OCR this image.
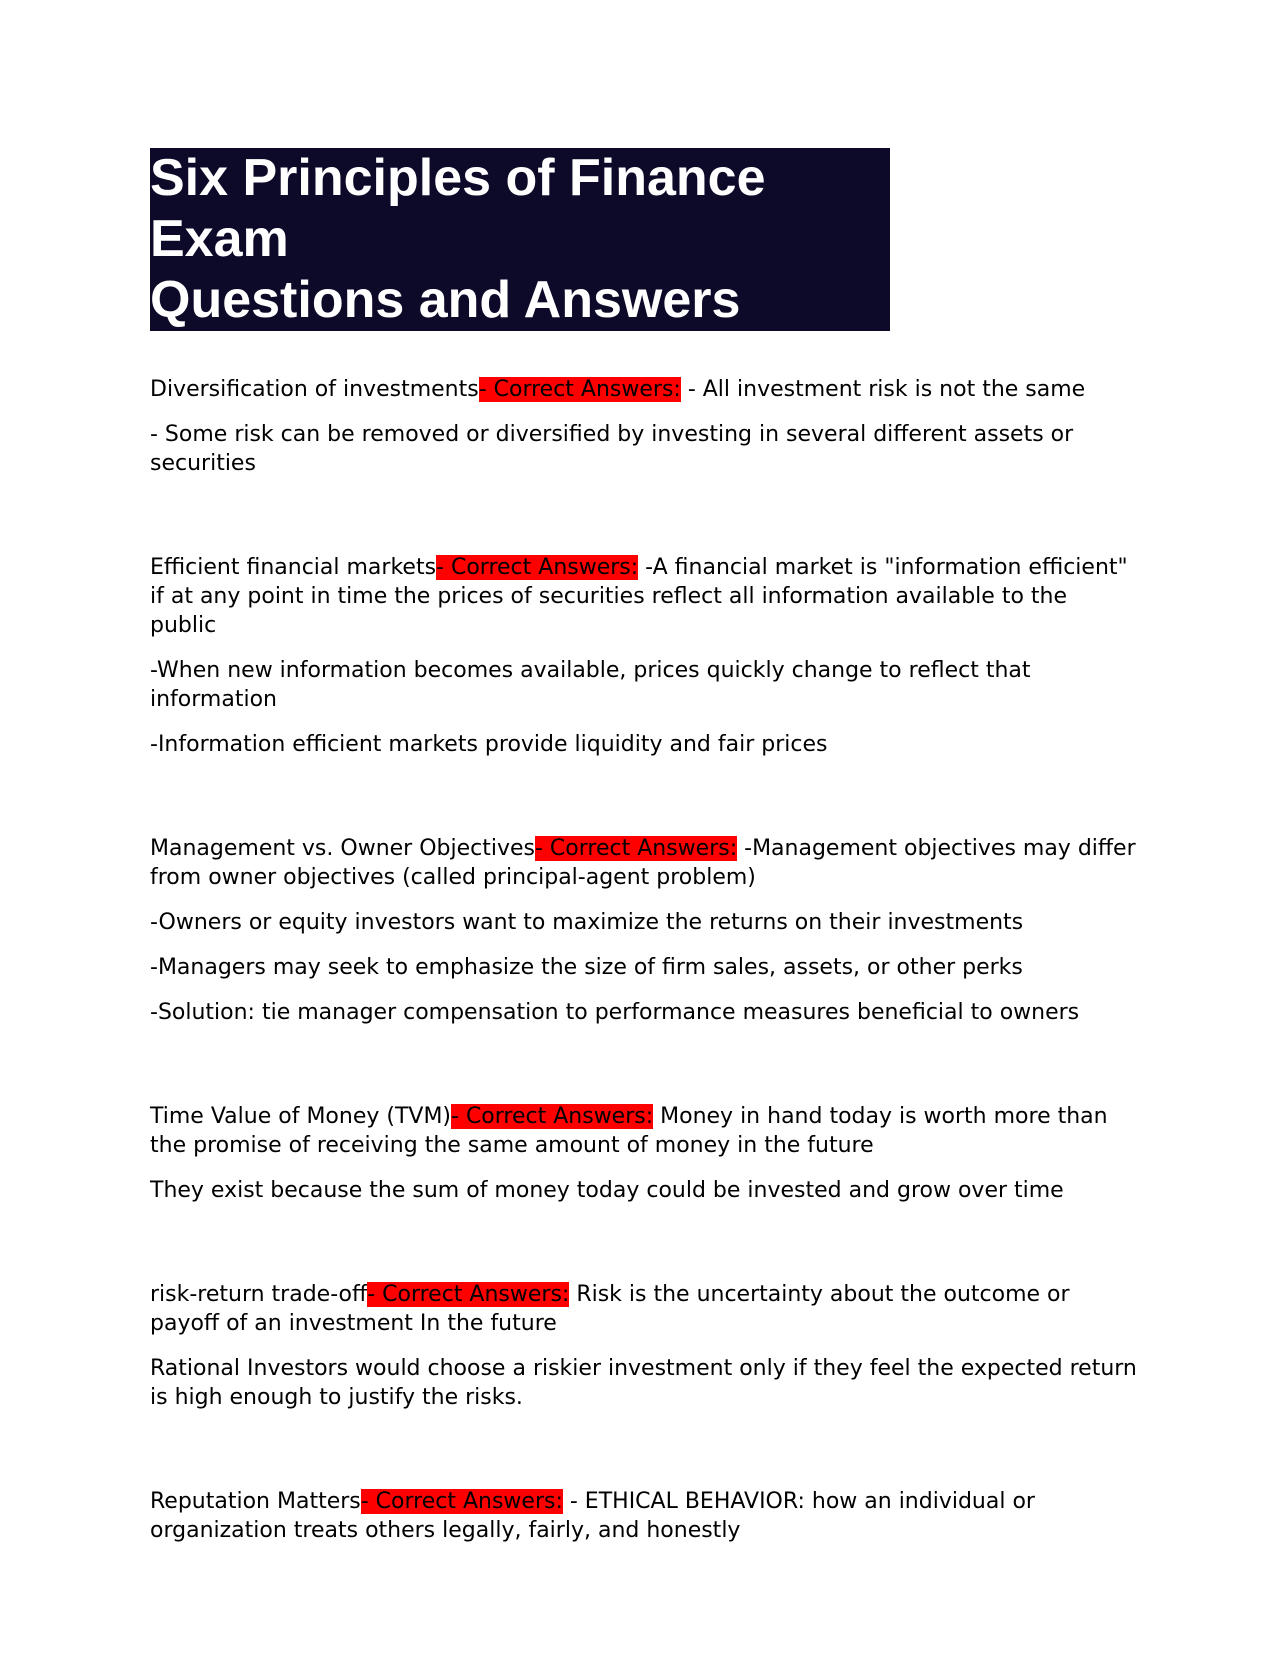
Six Principles of Finance Exam
Questions and Answers

Diversification of investments- Correct Answers: - All investment risk is not the same

- Some risk can be removed or diversified by investing in several different assets or securities

Efficient financial markets- Correct Answers: -A financial market is "information efficient" if at any point in time the prices of securities reflect all information available to the public

-When new information becomes available, prices quickly change to reflect that information

-Information efficient markets provide liquidity and fair prices

Management vs. Owner Objectives- Correct Answers: -Management objectives may differ from owner objectives (called principal-agent problem)

-Owners or equity investors want to maximize the returns on their investments

-Managers may seek to emphasize the size of firm sales, assets, or other perks

-Solution: tie manager compensation to performance measures beneficial to owners

Time Value of Money (TVM)- Correct Answers: Money in hand today is worth more than the promise of receiving the same amount of money in the future

They exist because the sum of money today could be invested and grow over time

risk-return trade-off- Correct Answers: Risk is the uncertainty about the outcome or payoff of an investment In the future

Rational Investors would choose a riskier investment only if they feel the expected return is high enough to justify the risks.

Reputation Matters- Correct Answers: - ETHICAL BEHAVIOR: how an individual or organization treats others legally, fairly, and honestly
